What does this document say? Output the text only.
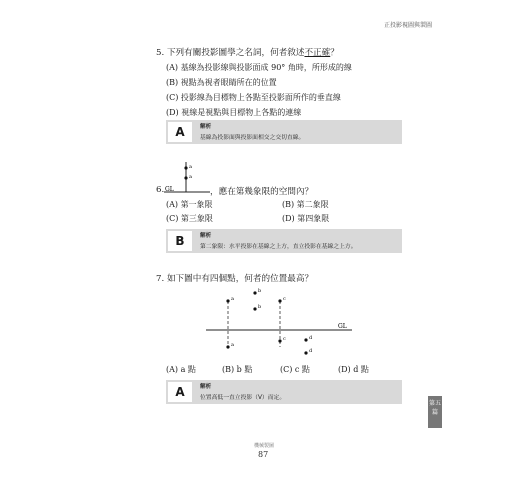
正投影視圖與製圖
5. 下列有關投影圖學之名詞，何者敘述不正確？
(A) 基線為投影線與投影面成 90° 角時，所形成的線
(B) 視點為視者眼睛所在的位置
(C) 投影線為目標物上各點至投影面所作的垂直線
(D) 視線是視點與目標物上各點的連線
A	解析
基線為投影面與投影面相交之交切直線。
a
a
GL
6.	，應在第幾象限的空間內？
(A) 第一象限	(B) 第二象限
(C) 第三象限	(D) 第四象限
B	解析
第二象限：水平投影在基線之上方，直立投影在基線之上方。
7. 如下圖中有四個點，何者的位置最高？
GL
a
a
b
b
c
c	d
d
(A) a 點	(B) b 點	(C) c 點	(D) d 點
A	解析
位置高低一直立投影（V）而定。
第五篇
機械製圖
87
